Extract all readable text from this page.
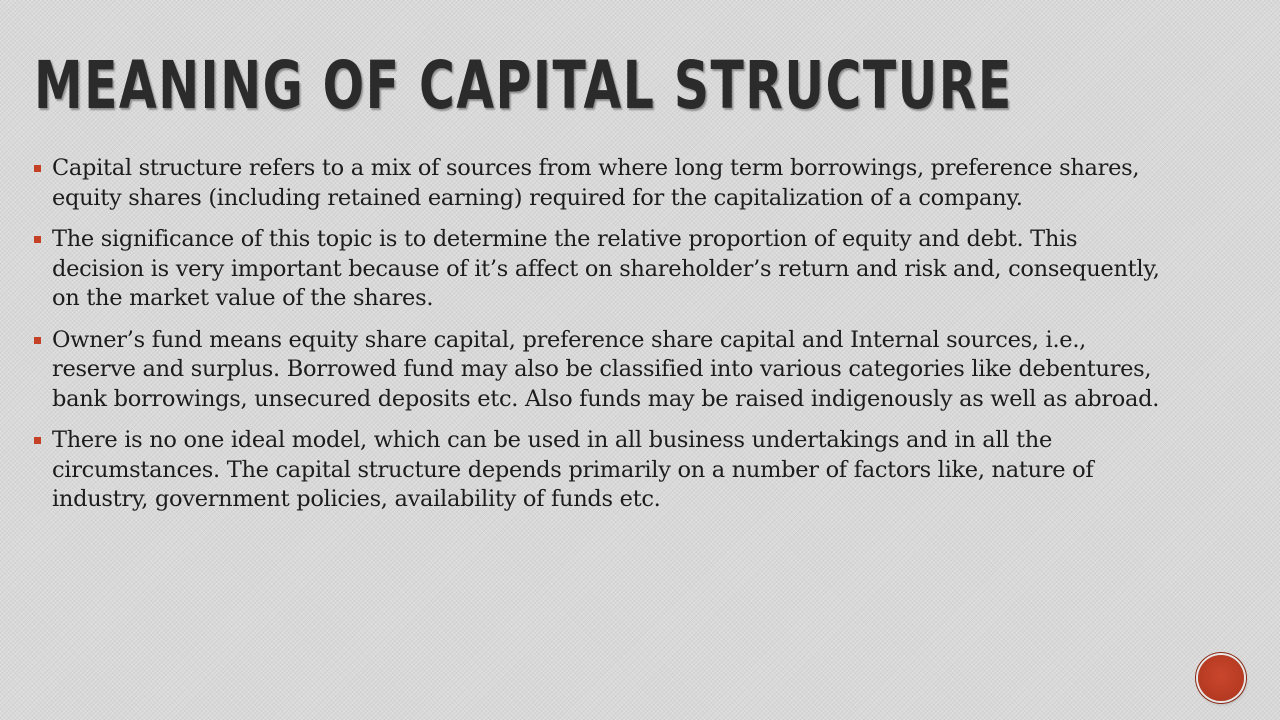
MEANING OF CAPITAL STRUCTURE
Capital structure refers to a mix of sources from where long term borrowings, preference shares, equity shares (including retained earning) required for the capitalization of a company.
The significance of this topic is to determine the relative proportion of equity and debt. This decision is very important because of it’s affect on shareholder’s return and risk and, consequently, on the market value of the shares.
Owner’s fund means equity share capital, preference share capital and Internal sources, i.e., reserve and surplus. Borrowed fund may also be classified into various categories like debentures, bank borrowings, unsecured deposits etc. Also funds may be raised indigenously as well as abroad.
There is no one ideal model, which can be used in all business undertakings and in all the circumstances. The capital structure depends primarily on a number of factors like, nature of industry, government policies, availability of funds etc.
